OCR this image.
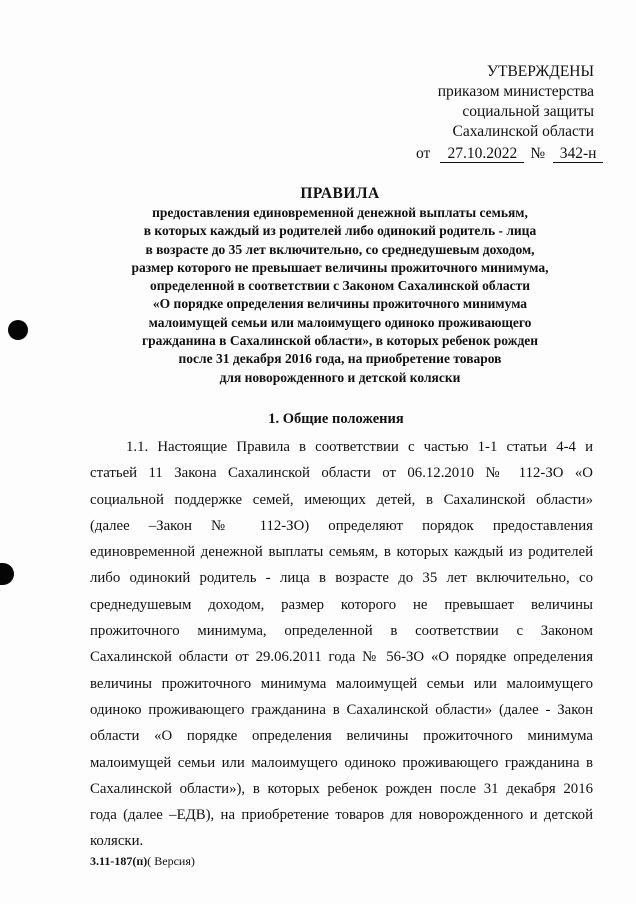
УТВЕРЖДЕНЫ
приказом министерства
социальной защиты
Сахалинской области
от 27.10.2022 № 342-н
ПРАВИЛА
предоставления единовременной денежной выплаты семьям,
в которых каждый из родителей либо одинокий родитель - лица
в возрасте до 35 лет включительно, со среднедушевым доходом,
размер которого не превышает величины прожиточного минимума,
определенной в соответствии с Законом Сахалинской области
«О порядке определения величины прожиточного минимума
малоимущей семьи или малоимущего одиноко проживающего
гражданина в Сахалинской области», в которых ребенок рожден
после 31 декабря 2016 года, на приобретение товаров
для новорожденного и детской коляски
1. Общие положения
1.1. Настоящие Правила в соответствии с частью 1-1 статьи 4-4 и
статьей 11 Закона Сахалинской области от 06.12.2010 № 112-ЗО «О
социальной поддержке семей, имеющих детей, в Сахалинской области»
(далее –Закон № 112-ЗО) определяют порядок предоставления
единовременной денежной выплаты семьям, в которых каждый из родителей
либо одинокий родитель - лица в возрасте до 35 лет включительно, со
среднедушевым доходом, размер которого не превышает величины
прожиточного минимума, определенной в соответствии с Законом
Сахалинской области от 29.06.2011 года № 56-ЗО «О порядке определения
величины прожиточного минимума малоимущей семьи или малоимущего
одиноко проживающего гражданина в Сахалинской области» (далее - Закон
области «О порядке определения величины прожиточного минимума
малоимущей семьи или малоимущего одиноко проживающего гражданина в
Сахалинской области»), в которых ребенок рожден после 31 декабря 2016
года (далее –ЕДВ), на приобретение товаров для новорожденного и детской
коляски.
3.11-187(п)( Версия)
